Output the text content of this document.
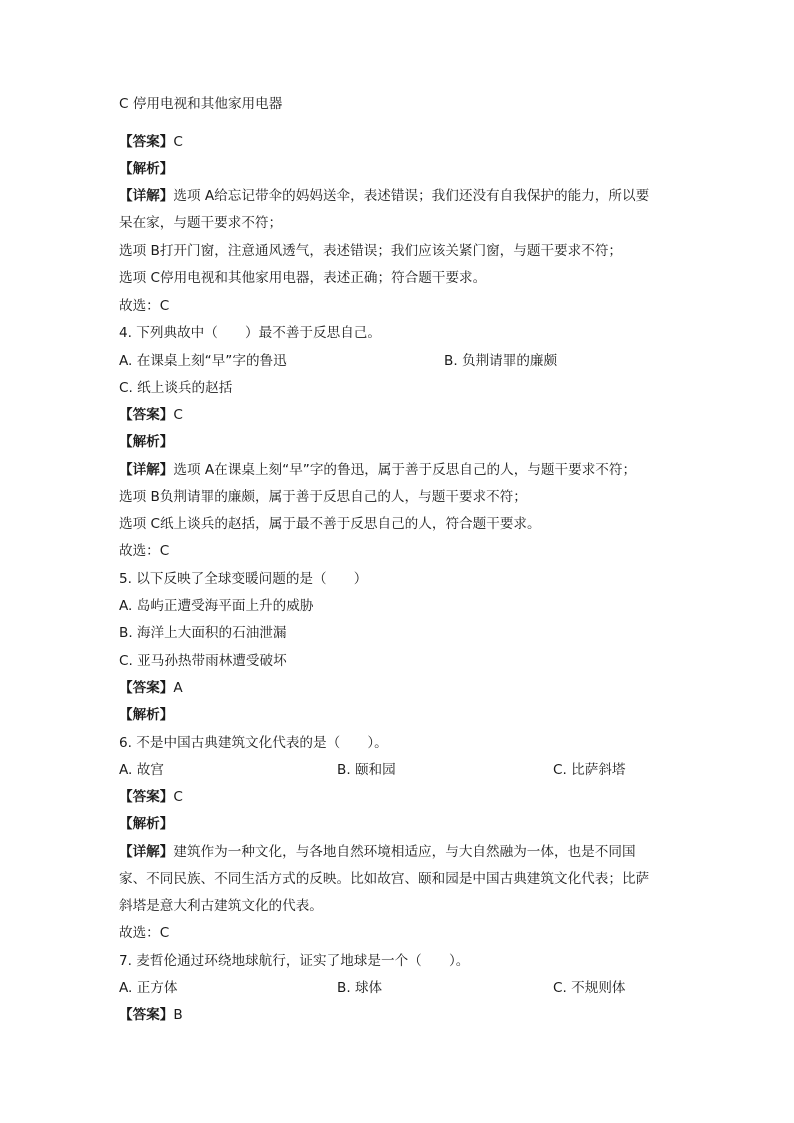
C 停用电视和其他家用电器
【答案】C
【解析】
【详解】选项 A给忘记带伞的妈妈送伞，表述错误；我们还没有自我保护的能力，所以要
呆在家，与题干要求不符；
选项 B打开门窗，注意通风透气，表述错误；我们应该关紧门窗，与题干要求不符；
选项 C停用电视和其他家用电器，表述正确；符合题干要求。
故选：C
4. 下列典故中（　　）最不善于反思自己。
A. 在课桌上刻“早”字的鲁迅	B. 负荆请罪的廉颇
C. 纸上谈兵的赵括
【答案】C
【解析】
【详解】选项 A在课桌上刻“早”字的鲁迅，属于善于反思自己的人，与题干要求不符；
选项 B负荆请罪的廉颇，属于善于反思自己的人，与题干要求不符；
选项 C纸上谈兵的赵括，属于最不善于反思自己的人，符合题干要求。
故选：C
5. 以下反映了全球变暖问题的是（　　）
A. 岛屿正遭受海平面上升的威胁
B. 海洋上大面积的石油泄漏
C. 亚马孙热带雨林遭受破坏
【答案】A
【解析】
6. 不是中国古典建筑文化代表的是（　　）。
A. 故宫	B. 颐和园	C. 比萨斜塔
【答案】C
【解析】
【详解】建筑作为一种文化，与各地自然环境相适应，与大自然融为一体，也是不同国
家、不同民族、不同生活方式的反映。比如故宫、颐和园是中国古典建筑文化代表；比萨
斜塔是意大利古建筑文化的代表。
故选：C
7. 麦哲伦通过环绕地球航行，证实了地球是一个（　　）。
A. 正方体	B. 球体	C. 不规则体
【答案】B
